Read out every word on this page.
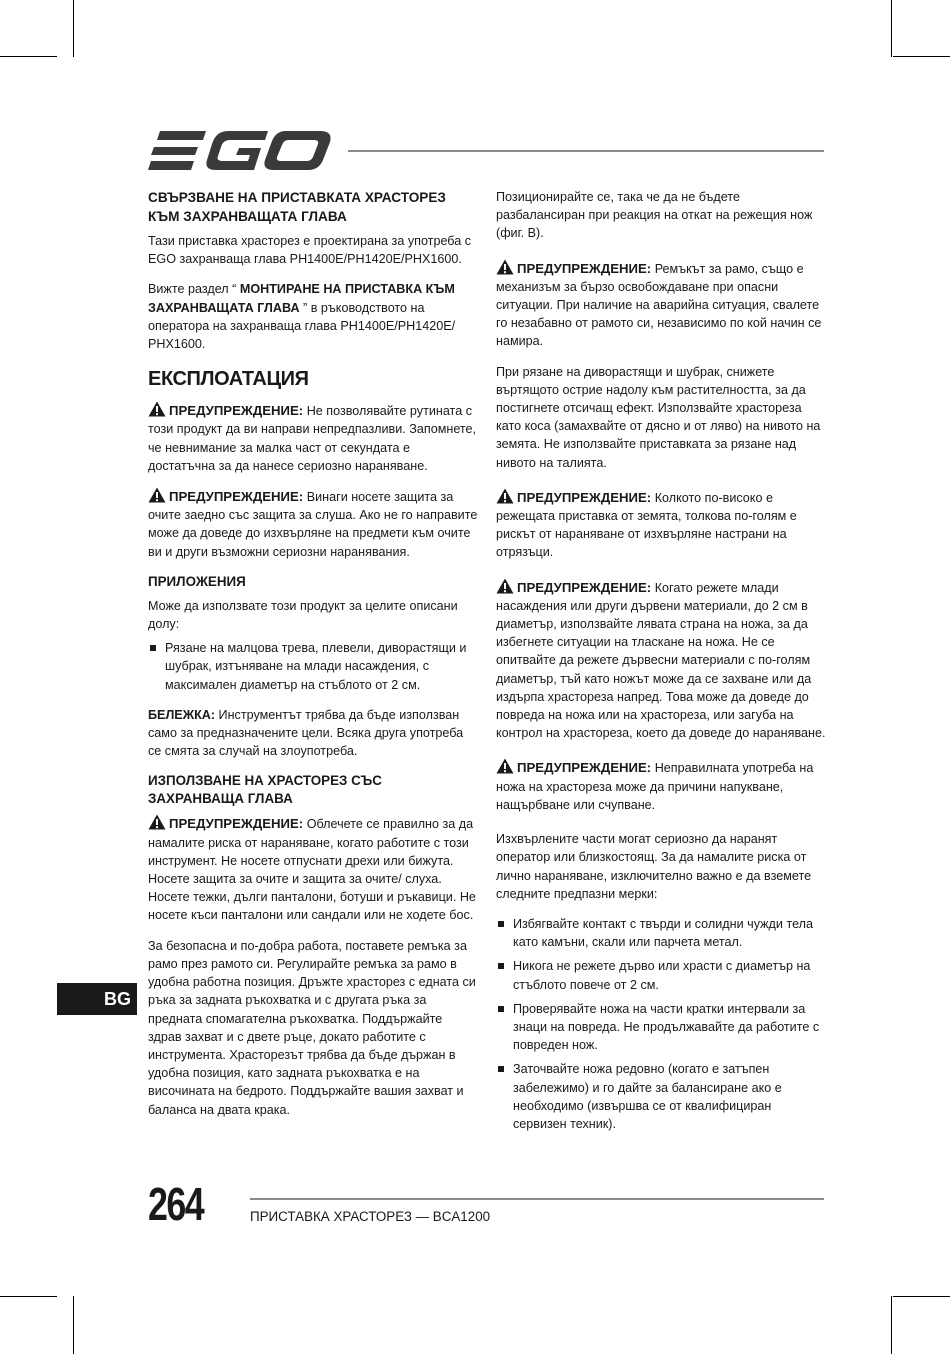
СВЪРЗВАНЕ НА ПРИСТАВКАТА ХРАСТОРЕЗ КЪМ ЗАХРАНВАЩАТА ГЛАВА

Тази приставка храсторез е проектирана за употреба с EGO захранваща глава PH1400E/PH1420E/PHX1600.

Вижте раздел “ МОНТИРАНЕ НА ПРИСТАВКА КЪМ ЗАХРАНВАЩАТА ГЛАВА ” в ръководството на оператора на захранваща глава PH1400E/PH1420E/ PHX1600.

ЕКСПЛОАТАЦИЯ

ПРЕДУПРЕЖДЕНИЕ: Не позволявайте рутината с този продукт да ви направи непредпазливи. Запомнете, че невнимание за малка част от секундата е достатъчна за да нанесе сериозно нараняване.

ПРЕДУПРЕЖДЕНИЕ: Винаги носете защита за очите заедно със защита за слуша. Ако не го направите може да доведе до изхвърляне на предмети към очите ви и други възможни сериозни наранявания.

ПРИЛОЖЕНИЯ

Може да използвате този продукт за целите описани долу:

Рязане на малцова трева, плевели, диворастящи и шубрак, изтъняване на млади насаждения, с максимален диаметър на стъблото от 2 см.

БЕЛЕЖКА: Инструментът трябва да бъде използван само за предназначените цели. Всяка друга употреба се смята за случай на злоупотреба.

ИЗПОЛЗВАНЕ НА ХРАСТОРЕЗ СЪС ЗАХРАНВАЩА ГЛАВА

ПРЕДУПРЕЖДЕНИЕ: Облечете се правилно за да намалите риска от нараняване, когато работите с този инструмент. Не носете отпуснати дрехи или бижута. Носете защита за очите и защита за очите/ слуха. Носете тежки, дълги панталони, ботуши и ръкавици. Не носете къси панталони или сандали или не ходете бос.

За безопасна и по-добра работа, поставете ремъка за рамо през рамото си. Регулирайте ремъка за рамо в удобна работна позиция. Дръжте храсторез с едната си ръка за задната ръкохватка и с другата ръка за предната спомагателна ръкохватка. Поддържайте здрав захват и с двете ръце, докато работите с инструмента. Храсторезът трябва да бъде държан в удобна позиция, като задната ръкохватка е на височината на бедрото. Поддържайте вашия захват и баланса на двата крака.

Позиционирайте се, така че да не бъдете разбалансиран при реакция на откат на режещия нож (фиг. B).

ПРЕДУПРЕЖДЕНИЕ: Ремъкът за рамо, също е механизъм за бързо освобождаване при опасни ситуации. При наличие на аварийна ситуация, свалете го незабавно от рамото си, независимо по кой начин се намира.

При рязане на диворастящи и шубрак, снижете въртящото острие надолу към растителността, за да постигнете отсичащ ефект. Използвайте храстореза като коса (замахвайте от дясно и от ляво) на нивото на земята. Не използвайте приставката за рязане над нивото на талията.

ПРЕДУПРЕЖДЕНИЕ: Колкото по-високо е режещата приставка от земята, толкова по-голям е рискът от нараняване от изхвърляне настрани на отрязъци.

ПРЕДУПРЕЖДЕНИЕ: Когато режете млади насаждения или други дървени материали, до 2 см в диаметър, използвайте лявата страна на ножа, за да избегнете ситуации на тласкане на ножа. Не се опитвайте да режете дървесни материали с по-голям диаметър, тъй като ножът може да се захване или да издърпа храстореза напред. Това може да доведе до повреда на ножа или на храстореза, или загуба на контрол на храстореза, което да доведе до нараняване.

ПРЕДУПРЕЖДЕНИЕ: Неправилната употреба на ножа на храстореза може да причини напукване, нащърбване или счупване.

Изхвърлените части могат сериозно да наранят оператор или близкостоящ. За да намалите риска от лично нараняване, изключително важно е да вземете следните предпазни мерки:

Избягвайте контакт с твърди и солидни чужди тела като камъни, скали или парчета метал.
Никога не режете дърво или храсти с диаметър на стъблото повече от 2 см.
Проверявайте ножа на части кратки интервали за знаци на повреда. Не продължавайте да работите с повреден нож.
Заточвайте ножа редовно (когато е затъпен забележимо) и го дайте за балансиране ако е необходимо (извършва се от квалифициран сервизен техник).
BG
264	ПРИСТАВКА ХРАСТОРЕЗ — BCA1200
